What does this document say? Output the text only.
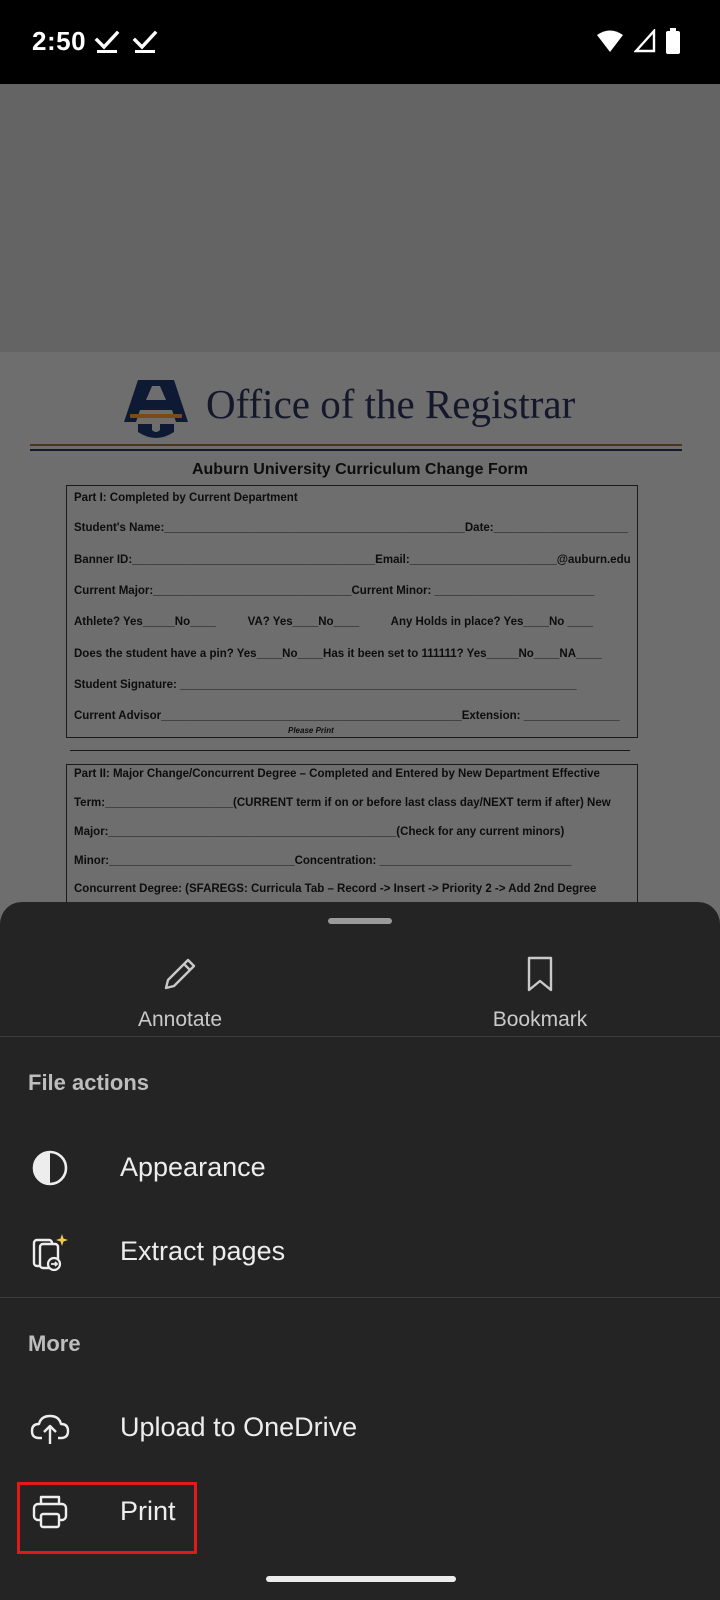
2:50
Office of the Registrar
Auburn University Curriculum Change Form
Part I: Completed by Current Department
Student's Name:_______________________________________________Date:_____________________
Banner ID:______________________________________Email:_______________________@auburn.edu
Current Major:_______________________________Current Minor: _________________________
Athlete? Yes_____No____          VA? Yes____No____          Any Holds in place? Yes____No ____
Does the student have a pin? Yes____No____Has it been set to 111111? Yes_____No____NA____
Student Signature: ______________________________________________________________
Current Advisor_______________________________________________Extension: _______________
Please Print
Part II: Major Change/Concurrent Degree – Completed and Entered by New Department Effective
Term:____________________(CURRENT term if on or before last class day/NEXT term if after) New
Major:_____________________________________________(Check for any current minors)
Minor:_____________________________Concentration: ______________________________
Concurrent Degree: (SFAREGS: Curricula Tab – Record -> Insert -> Priority 2 -> Add 2nd Degree
Annotate	Bookmark
File actions
Appearance
Extract pages
More
Upload to OneDrive
Print
